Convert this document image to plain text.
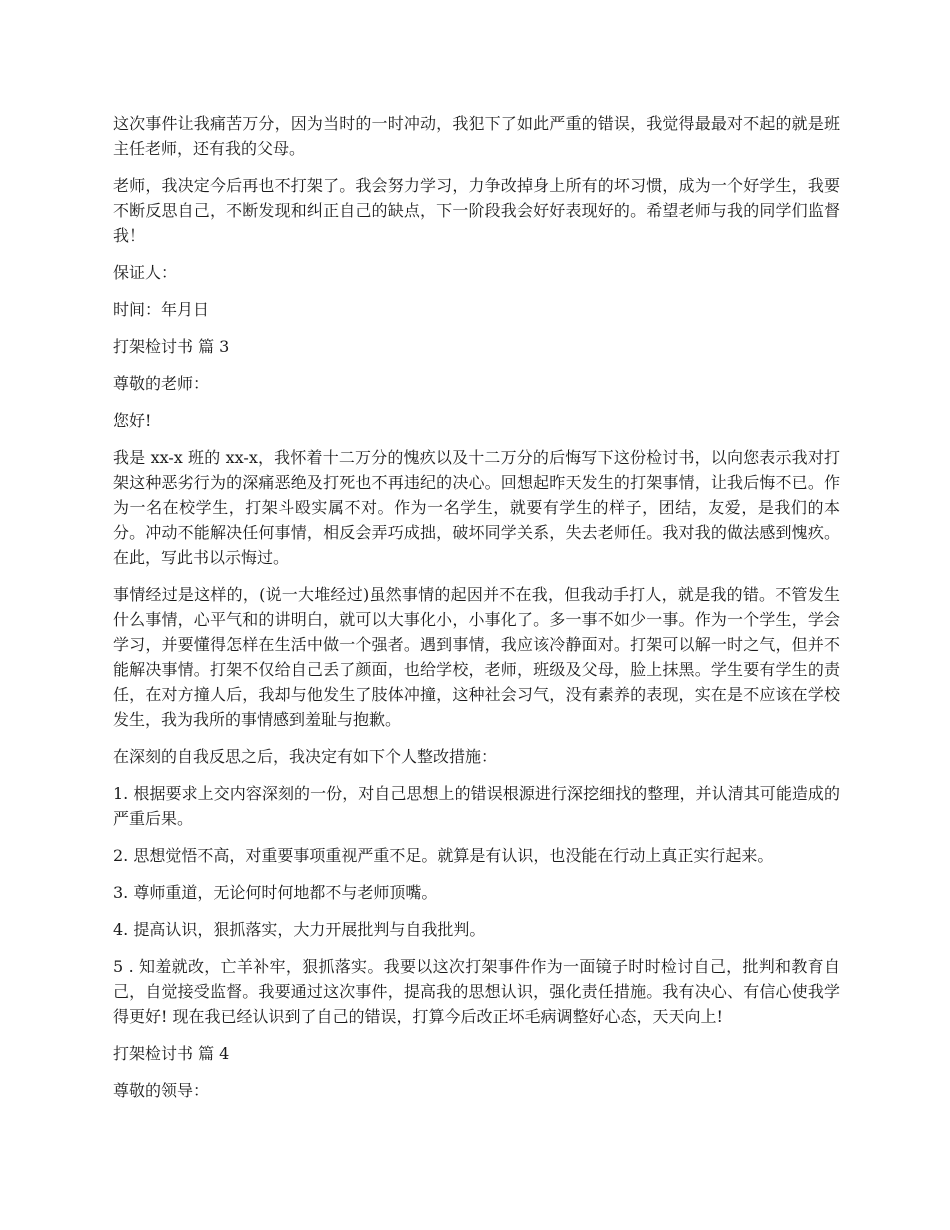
这次事件让我痛苦万分，因为当时的一时冲动，我犯下了如此严重的错误，我觉得最最对不起的就是班主任老师，还有我的父母。

老师，我决定今后再也不打架了。我会努力学习，力争改掉身上所有的坏习惯，成为一个好学生，我要不断反思自己，不断发现和纠正自己的缺点，下一阶段我会好好表现好的。希望老师与我的同学们监督我！

保证人：

时间：年月日

打架检讨书 篇 3

尊敬的老师：

您好!

我是 xx-x 班的 xx-x，我怀着十二万分的愧疚以及十二万分的后悔写下这份检讨书，以向您表示我对打架这种恶劣行为的深痛恶绝及打死也不再违纪的决心。回想起昨天发生的打架事情，让我后悔不已。作为一名在校学生，打架斗殴实属不对。作为一名学生，就要有学生的样子，团结，友爱，是我们的本分。冲动不能解决任何事情，相反会弄巧成拙，破坏同学关系，失去老师任。我对我的做法感到愧疚。在此，写此书以示悔过。

事情经过是这样的，(说一大堆经过)虽然事情的起因并不在我，但我动手打人，就是我的错。不管发生什么事情，心平气和的讲明白，就可以大事化小，小事化了。多一事不如少一事。作为一个学生，学会学习，并要懂得怎样在生活中做一个强者。遇到事情，我应该冷静面对。打架可以解一时之气，但并不能解决事情。打架不仅给自己丢了颜面，也给学校，老师，班级及父母，脸上抹黑。学生要有学生的责任，在对方撞人后，我却与他发生了肢体冲撞，这种社会习气，没有素养的表现，实在是不应该在学校发生，我为我所的事情感到羞耻与抱歉。

在深刻的自我反思之后，我决定有如下个人整改措施：

1. 根据要求上交内容深刻的一份，对自己思想上的错误根源进行深挖细找的整理，并认清其可能造成的严重后果。

2. 思想觉悟不高，对重要事项重视严重不足。就算是有认识，也没能在行动上真正实行起来。

3. 尊师重道，无论何时何地都不与老师顶嘴。

4. 提高认识，狠抓落实，大力开展批判与自我批判。

5 . 知羞就改，亡羊补牢，狠抓落实。我要以这次打架事件作为一面镜子时时检讨自己，批判和教育自己，自觉接受监督。我要通过这次事件，提高我的思想认识，强化责任措施。我有决心、有信心使我学得更好! 现在我已经认识到了自己的错误，打算今后改正坏毛病调整好心态，天天向上!

打架检讨书 篇 4

尊敬的领导：
